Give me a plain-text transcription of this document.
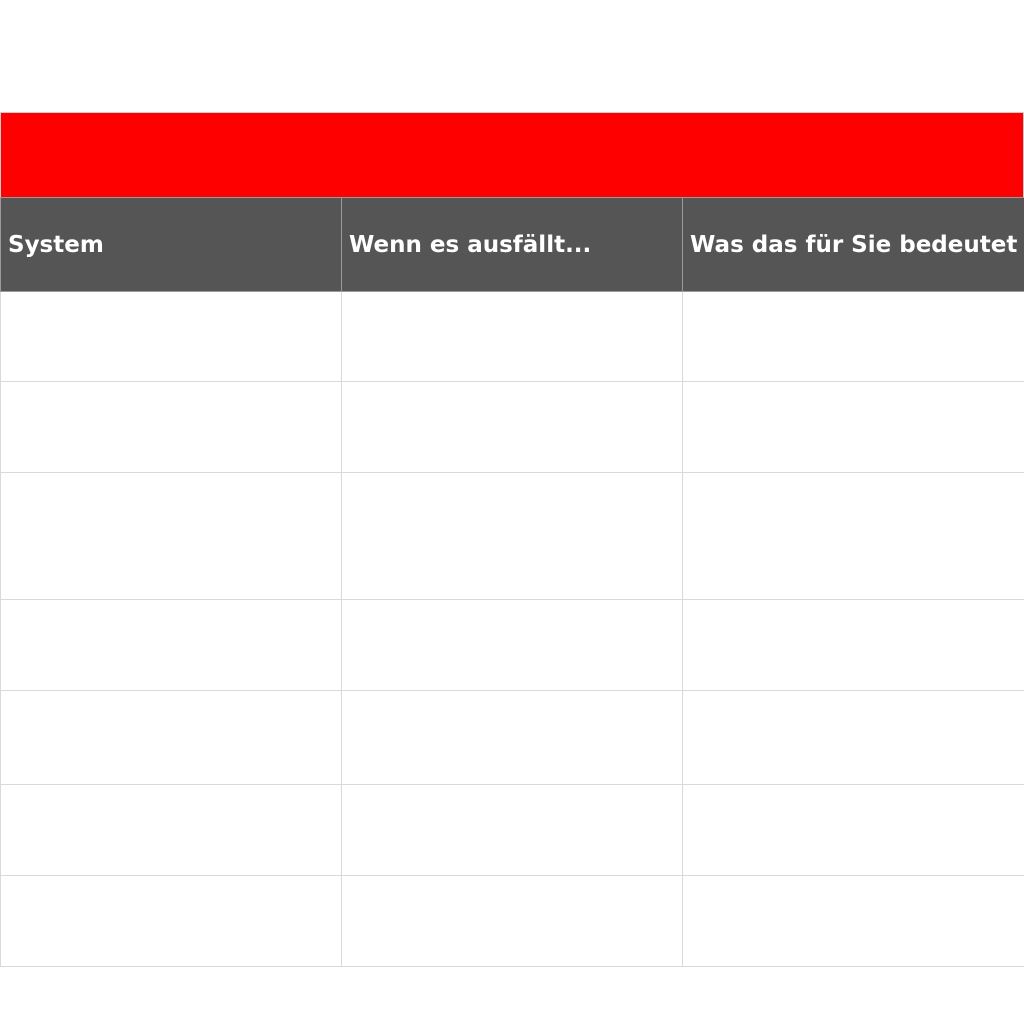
System	Wenn es ausfällt...	Was das für Sie bedeutet
